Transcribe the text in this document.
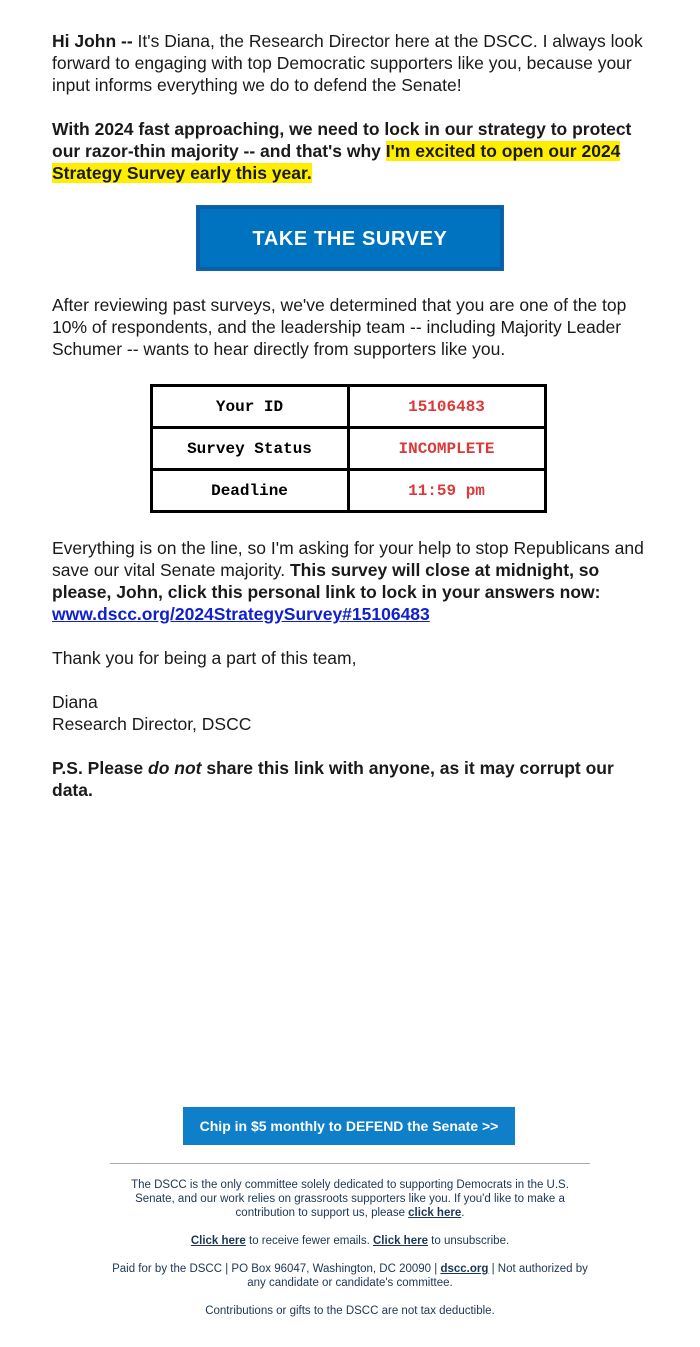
Hi John -- It's Diana, the Research Director here at the DSCC. I always look forward to engaging with top Democratic supporters like you, because your input informs everything we do to defend the Senate!

With 2024 fast approaching, we need to lock in our strategy to protect our razor-thin majority -- and that's why I'm excited to open our 2024 Strategy Survey early this year.

TAKE THE SURVEY

After reviewing past surveys, we've determined that you are one of the top 10% of respondents, and the leadership team -- including Majority Leader Schumer -- wants to hear directly from supporters like you.

Your ID	15106483
Survey Status	INCOMPLETE
Deadline	11:59 pm

Everything is on the line, so I'm asking for your help to stop Republicans and save our vital Senate majority. This survey will close at midnight, so please, John, click this personal link to lock in your answers now:
www.dscc.org/2024StrategySurvey#15106483

Thank you for being a part of this team,

Diana
Research Director, DSCC

P.S. Please do not share this link with anyone, as it may corrupt our data.

Chip in $5 monthly to DEFEND the Senate >>

The DSCC is the only committee solely dedicated to supporting Democrats in the U.S. Senate, and our work relies on grassroots supporters like you. If you'd like to make a contribution to support us, please click here.

Click here to receive fewer emails. Click here to unsubscribe.

Paid for by the DSCC | PO Box 96047, Washington, DC 20090 | dscc.org | Not authorized by any candidate or candidate's committee.

Contributions or gifts to the DSCC are not tax deductible.
